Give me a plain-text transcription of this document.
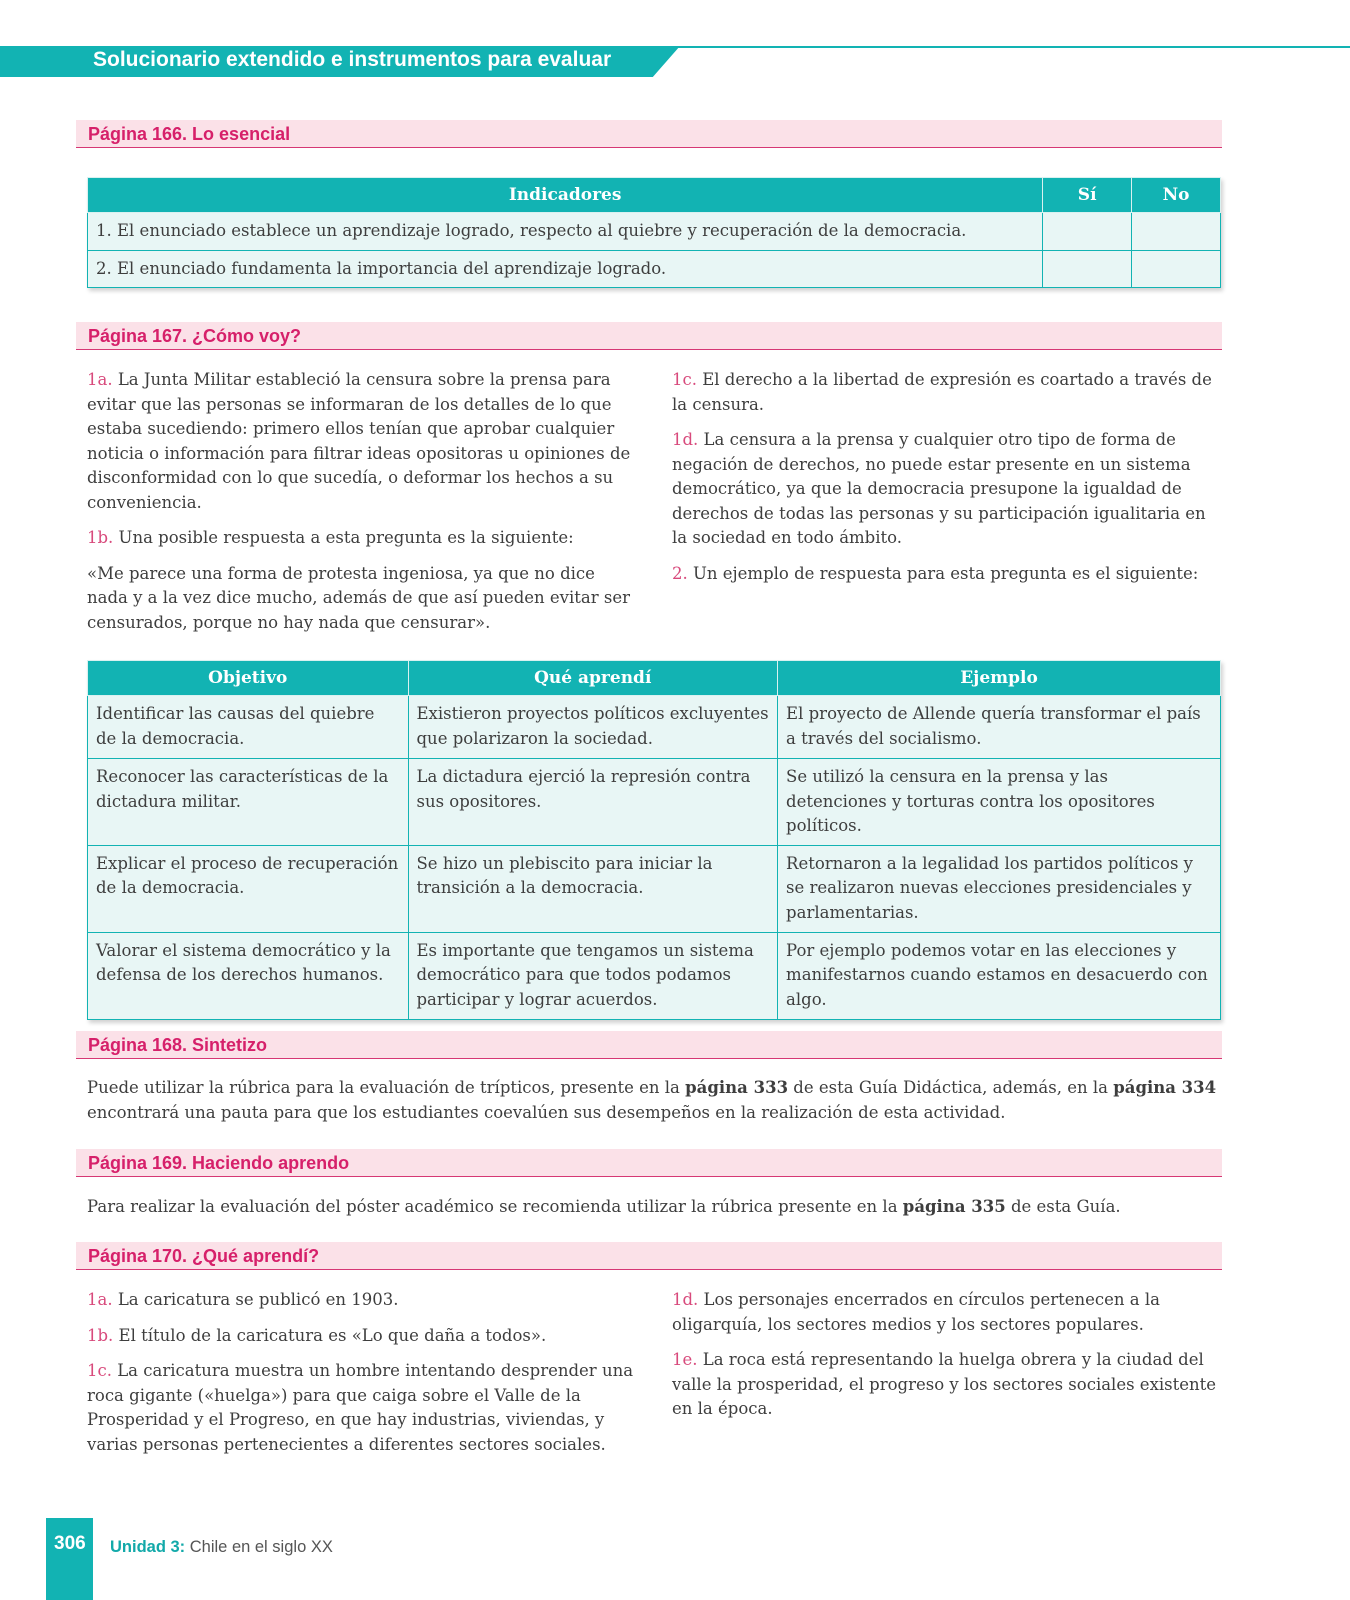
Solucionario extendido e instrumentos para evaluar
Página 166. Lo esencial
Indicadores	Sí	No
1. El enunciado establece un aprendizaje logrado, respecto al quiebre y recuperación de la democracia.		
2. El enunciado fundamenta la importancia del aprendizaje logrado.		
Página 167. ¿Cómo voy?

1a. La Junta Militar estableció la censura sobre la prensa para evitar que las personas se informaran de los detalles de lo que estaba sucediendo: primero ellos tenían que aprobar cualquier noticia o información para filtrar ideas opositoras u opiniones de disconformidad con lo que sucedía, o deformar los hechos a su conveniencia.

1b. Una posible respuesta a esta pregunta es la siguiente:

«Me parece una forma de protesta ingeniosa, ya que no dice nada y a la vez dice mucho, además de que así pueden evitar ser censurados, porque no hay nada que censurar».

1c. El derecho a la libertad de expresión es coartado a través de la censura.

1d. La censura a la prensa y cualquier otro tipo de forma de negación de derechos, no puede estar presente en un sistema democrático, ya que la democracia presupone la igualdad de derechos de todas las personas y su participación igualitaria en la sociedad en todo ámbito.

2. Un ejemplo de respuesta para esta pregunta es el siguiente:

Objetivo	Qué aprendí	Ejemplo
Identificar las causas del quiebre de la democracia.	Existieron proyectos políticos excluyentes que polarizaron la sociedad.	El proyecto de Allende quería transformar el país a través del socialismo.
Reconocer las características de la dictadura militar.	La dictadura ejerció la represión contra sus opositores.	Se utilizó la censura en la prensa y las detenciones y torturas contra los opositores políticos.
Explicar el proceso de recuperación de la democracia.	Se hizo un plebiscito para iniciar la transición a la democracia.	Retornaron a la legalidad los partidos políticos y se realizaron nuevas elecciones presidenciales y parlamentarias.
Valorar el sistema democrático y la defensa de los derechos humanos.	Es importante que tengamos un sistema democrático para que todos podamos participar y lograr acuerdos.	Por ejemplo podemos votar en las elecciones y manifestarnos cuando estamos en desacuerdo con algo.
Página 168. Sintetizo
Puede utilizar la rúbrica para la evaluación de trípticos, presente en la página 333 de esta Guía Didáctica, además, en la página 334 encontrará una pauta para que los estudiantes coevalúen sus desempeños en la realización de esta actividad.
Página 169. Haciendo aprendo
Para realizar la evaluación del póster académico se recomienda utilizar la rúbrica presente en la página 335 de esta Guía.
Página 170. ¿Qué aprendí?

1a. La caricatura se publicó en 1903.

1b. El título de la caricatura es «Lo que daña a todos».

1c. La caricatura muestra un hombre intentando desprender una roca gigante («huelga») para que caiga sobre el Valle de la Prosperidad y el Progreso, en que hay industrias, viviendas, y varias personas pertenecientes a diferentes sectores sociales.

1d. Los personajes encerrados en círculos pertenecen a la oligarquía, los sectores medios y los sectores populares.

1e. La roca está representando la huelga obrera y la ciudad del valle la prosperidad, el progreso y los sectores sociales existente en la época.

306 Unidad 3: Chile en el siglo XX
